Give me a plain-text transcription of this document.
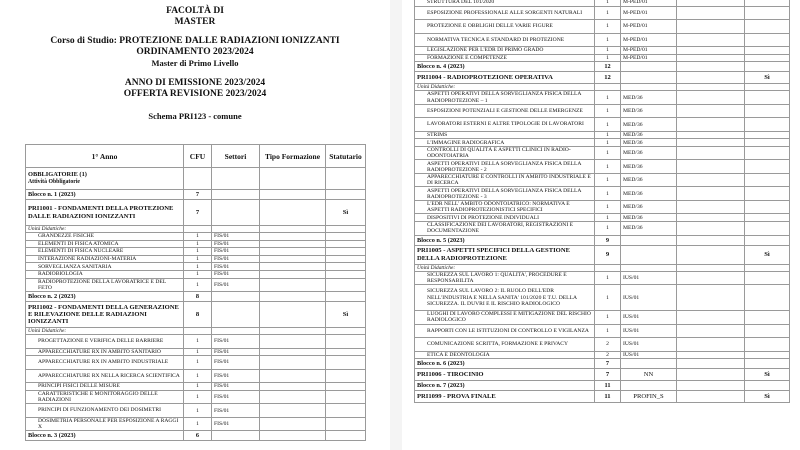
FACOLTÀ DI
MASTER
Corso di Studio: PROTEZIONE DALLE RADIAZIONI IONIZZANTI
ORDINAMENTO 2023/2024
Master di Primo Livello
ANNO DI EMISSIONE 2023/2024
OFFERTA REVISIONE 2023/2024
Schema PRI123 - comune
1° Anno	CFU	Settori	Tipo Formazione	Statutario

OBBLIGATORIE (1)
Attività Obbligatorie				

Blocco n. 1 (2023)	7			
PRI1001 - FONDAMENTI DELLA PROTEZIONE DALLE RADIAZIONI IONIZZANTI	7			Sì
Unità Didattiche:				
GRANDEZZE FISICHE	1	FIS/01		
ELEMENTI DI FISICA ATOMICA	1	FIS/01		
ELEMENTI DI FISICA NUCLEARE	1	FIS/01		
INTERAZIONE RADIAZIONI-MATERIA	1	FIS/01		
SORVEGLIANZA SANITARIA	1	FIS/01		
RADIOBIOLOGIA	1	FIS/01		
RADIOPROTEZIONE DELLA LAVORATRICE E DEL FETO	1	FIS/01		
Blocco n. 2 (2023)	8			
PRI1002 - FONDAMENTI DELLA GENERAZIONE E RILEVAZIONE DELLE RADIAZIONI IONIZZANTI	8			Sì
Unità Didattiche:				
PROGETTAZIONE E VERIFICA DELLE BARRIERE	1	FIS/01		
APPARECCHIATURE RX IN AMBITO SANITARIO	1	FIS/01		
APPARECCHIATURE RX IN AMBITO INDUSTRIALE	1	FIS/01		
APPARECCHIATURE RX NELLA RICERCA SCIENTIFICA	1	FIS/01		
PRINCIPI FISICI DELLE MISURE	1	FIS/01		
CARATTERISTICHE E MONITORAGGIO DELLE RADIAZIONI	1	FIS/01		
PRINCIPI DI FUNZIONAMENTO DEI DOSIMETRI	1	FIS/01		
DOSIMETRIA PERSONALE PER ESPOSIZIONE A RAGGI X	1	FIS/01		
Blocco n. 3 (2023)	6			
STRUTTURA DEL 101/2020	1	M-PED/01		
ESPOSIZIONE PROFESSIONALE ALLE SORGENTI NATURALI	1	M-PED/01		
PROTEZIONE E OBBLIGHI DELLE VARIE FIGURE	1	M-PED/01		
NORMATIVA TECNICA E STANDARD DI PROTEZIONE	1	M-PED/01		
LEGISLAZIONE PER L'EDR DI PRIMO GRADO	1	M-PED/01		
FORMAZIONE E COMPETENZE	1	M-PED/01		
Blocco n. 4 (2023)	12			
PRI1004 - RADIOPROTEZIONE OPERATIVA	12			Sì
Unità Didattiche:				
ASPETTI OPERATIVI DELLA SORVEGLIANZA FISICA DELLA RADIOPROTEZIONE – 1	1	MED/36		
ESPOSIZIONI POTENZIALI E GESTIONE DELLE EMERGENZE	1	MED/36		
LAVORATORI ESTERNI E ALTRE TIPOLOGIE DI LAVORATORI	1	MED/36		
STRIMS	1	MED/36		
L'IMMAGINE RADIOGRAFICA	1	MED/36		
CONTROLLI DI QUALITÀ E ASPETTI CLINICI IN RADIO-ODONTOIATRIA	1	MED/36		
ASPETTI OPERATIVI DELLA SORVEGLIANZA FISICA DELLA RADIOPROTEZIONE - 2	1	MED/36		
APPARECCHIATURE E CONTROLLI IN AMBITO INDUSTRIALE E DI RICERCA	1	MED/36		
ASPETTI OPERATIVI DELLA SORVEGLIANZA FISICA DELLA RADIOPROTEZIONE - 3	1	MED/36		
L'EDR NELL' AMBITO ODONTOIATRICO: NORMATIVA E ASPETTI RADIOPROTEZIONISTICI SPECIFICI	1	MED/36		
DISPOSITIVI DI PROTEZIONE INDIVIDUALI	1	MED/36		
CLASSIFICAZIONE DEI LAVORATORI, REGISTRAZIONI E DOCUMENTAZIONE	1	MED/36		
Blocco n. 5 (2023)	9			
PRI1005 - ASPETTI SPECIFICI DELLA GESTIONE DELLA RADIOPROTEZIONE	9			Sì
Unità Didattiche:				
SICUREZZA SUL LAVORO 1: QUALITA', PROCEDURE E RESPONSABILITA	1	IUS/01		
SICUREZZA SUL LAVORO 2: IL RUOLO DELL'EDR NELL'INDUSTRIA E NELLA SANITA' 101/2020 E T.U. DELLA SICUREZZA. IL DUVRI E IL RISCHIO RADIOLOGICO	1	IUS/01		
LUOGHI DI LAVORO COMPLESSI E MITIGAZIONE DEL RISCHIO RADIOLOGICO	1	IUS/01		
RAPPORTI CON LE ISTITUZIONI DI CONTROLLO E VIGILANZA	1	IUS/01		
COMUNICAZIONE SCRITTA, FORMAZIONE E PRIVACY	2	IUS/01		
ETICA E DEONTOLOGIA	2	IUS/01		
Blocco n. 6 (2023)	7			
PRI1006 - TIROCINIO	7	NN		Sì
Blocco n. 7 (2023)	11			
PRI1099 - PROVA FINALE	11	PROFIN_S		Sì
